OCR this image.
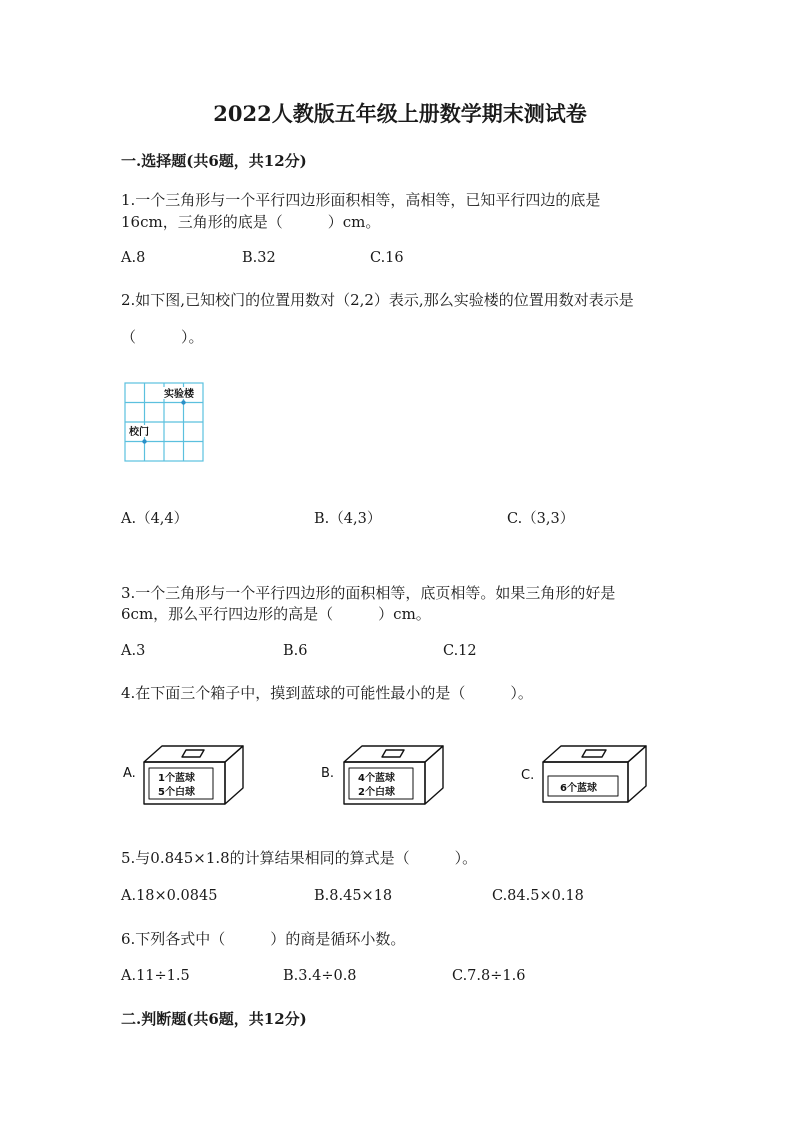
2022人教版五年级上册数学期末测试卷
一.选择题(共6题，共12分)
1.一个三角形与一个平行四边形面积相等，高相等，已知平行四边的底是
16cm，三角形的底是（　　　）cm。
A.8	B.32	C.16
2.如下图,已知校门的位置用数对（2,2）表示,那么实验楼的位置用数对表示是
（　　　）。
实验楼
校门
A.（4,4）	B.（4,3）	C.（3,3）
3.一个三角形与一个平行四边形的面积相等，底页相等。如果三角形的好是
6cm，那么平行四边形的高是（　　　）cm。
A.3	B.6	C.12
4.在下面三个箱子中，摸到蓝球的可能性最小的是（　　　）。
A. 1个蓝球
5个白球
B. 4个蓝球
2个白球
C.
6个蓝球
5.与0.845×1.8的计算结果相同的算式是（　　　）。
A.18×0.0845	B.8.45×18	C.84.5×0.18
6.下列各式中（　　　）的商是循环小数。
A.11÷1.5	B.3.4÷0.8	C.7.8÷1.6
二.判断题(共6题，共12分)
